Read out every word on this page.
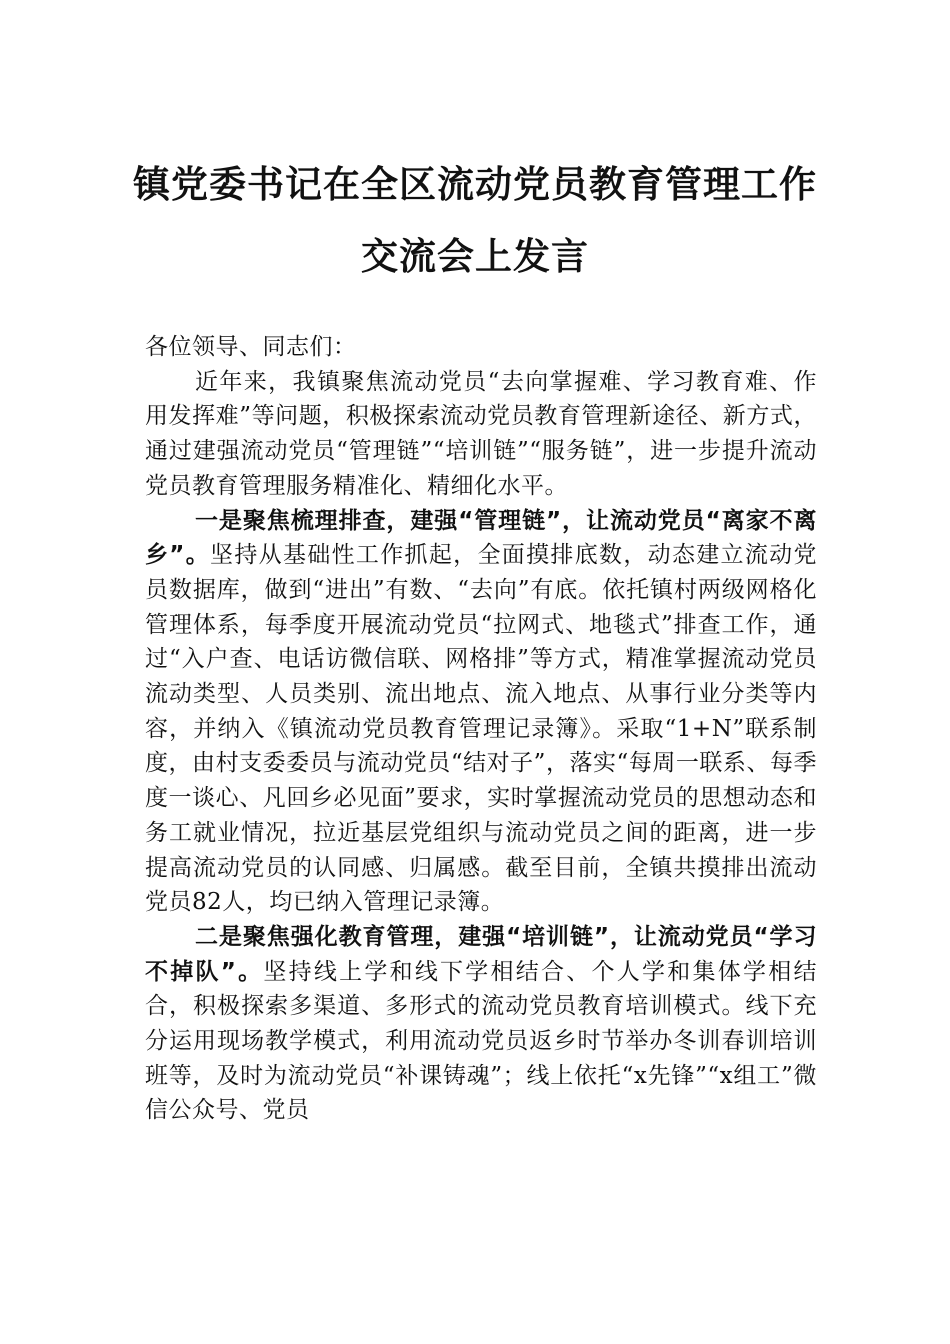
镇党委书记在全区流动党员教育管理工作
交流会上发言

各位领导、同志们：

近年来，我镇聚焦流动党员“去向掌握难、学习教育难、作用发挥难”等问题，积极探索流动党员教育管理新途径、新方式，通过建强流动党员“管理链”“培训链”“服务链”，进一步提升流动党员教育管理服务精准化、精细化水平。

一是聚焦梳理排查，建强“管理链”，让流动党员“离家不离乡”。坚持从基础性工作抓起，全面摸排底数，动态建立流动党员数据库，做到“进出”有数、“去向”有底。依托镇村两级网格化管理体系，每季度开展流动党员“拉网式、地毯式”排查工作，通过“入户查、电话访微信联、网格排”等方式，精准掌握流动党员流动类型、人员类别、流出地点、流入地点、从事行业分类等内容，并纳入《镇流动党员教育管理记录簿》。采取“1+N”联系制度，由村支委委员与流动党员“结对子”，落实“每周一联系、每季度一谈心、凡回乡必见面”要求，实时掌握流动党员的思想动态和务工就业情况，拉近基层党组织与流动党员之间的距离，进一步提高流动党员的认同感、归属感。截至目前，全镇共摸排出流动党员82人，均已纳入管理记录簿。

二是聚焦强化教育管理，建强“培训链”，让流动党员“学习不掉队”。坚持线上学和线下学相结合、个人学和集体学相结合，积极探索多渠道、多形式的流动党员教育培训模式。线下充分运用现场教学模式，利用流动党员返乡时节举办冬训春训培训班等，及时为流动党员“补课铸魂”；线上依托“x先锋”“x组工”微信公众号、党员
